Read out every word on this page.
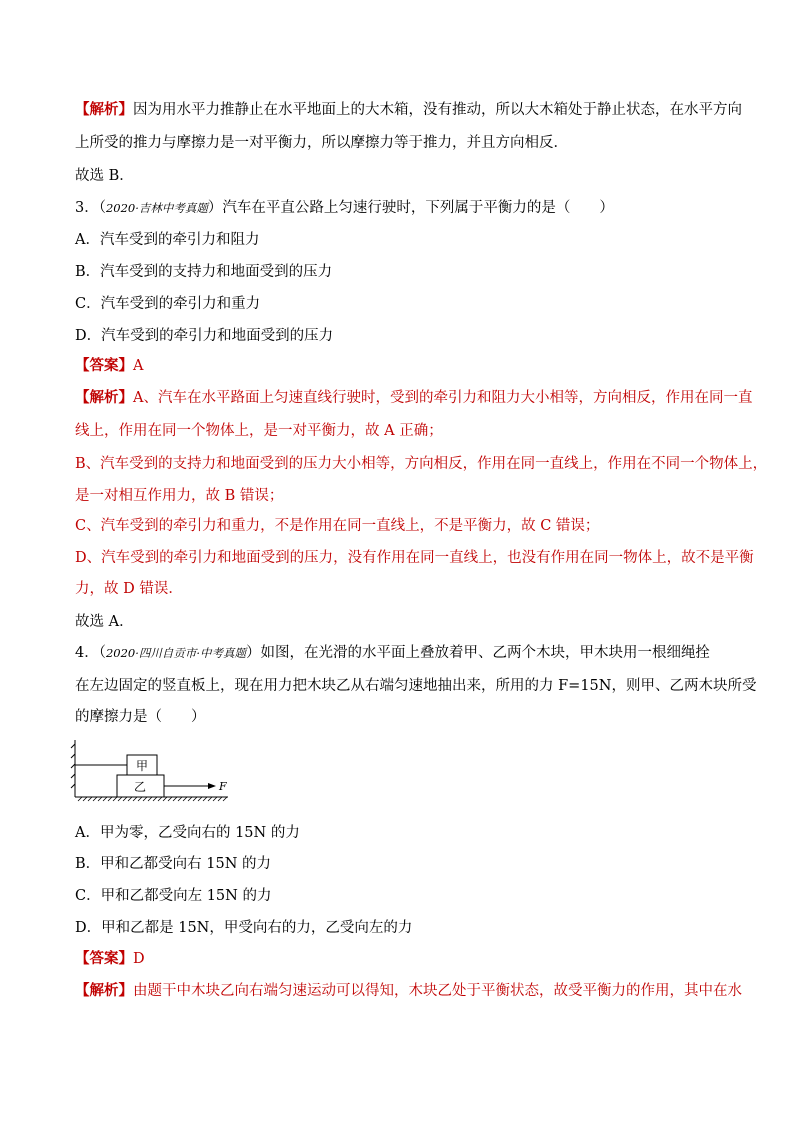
【解析】因为用水平力推静止在水平地面上的大木箱，没有推动，所以大木箱处于静止状态，在水平方向
上所受的推力与摩擦力是一对平衡力，所以摩擦力等于推力，并且方向相反．
故选 B．
3．（2020·吉林中考真题）汽车在平直公路上匀速行驶时，下列属于平衡力的是（　　）
A．汽车受到的牵引力和阻力
B．汽车受到的支持力和地面受到的压力
C．汽车受到的牵引力和重力
D．汽车受到的牵引力和地面受到的压力
【答案】A
【解析】A、汽车在水平路面上匀速直线行驶时，受到的牵引力和阻力大小相等，方向相反，作用在同一直
线上，作用在同一个物体上，是一对平衡力，故 A 正确；
B、汽车受到的支持力和地面受到的压力大小相等，方向相反，作用在同一直线上，作用在不同一个物体上，
是一对相互作用力，故 B 错误；
C、汽车受到的牵引力和重力，不是作用在同一直线上，不是平衡力，故 C 错误；
D、汽车受到的牵引力和地面受到的压力，没有作用在同一直线上，也没有作用在同一物体上，故不是平衡
力，故 D 错误．
故选 A．
4．（2020·四川自贡市·中考真题）如图，在光滑的水平面上叠放着甲、乙两个木块，甲木块用一根细绳拴
在左边固定的竖直板上，现在用力把木块乙从右端匀速地抽出来，所用的力 F=15N，则甲、乙两木块所受
的摩擦力是（　　）
甲
乙	F
A．甲为零，乙受向右的 15N 的力
B．甲和乙都受向右 15N 的力
C．甲和乙都受向左 15N 的力
D．甲和乙都是 15N，甲受向右的力，乙受向左的力
【答案】D
【解析】由题干中木块乙向右端匀速运动可以得知，木块乙处于平衡状态，故受平衡力的作用，其中在水
